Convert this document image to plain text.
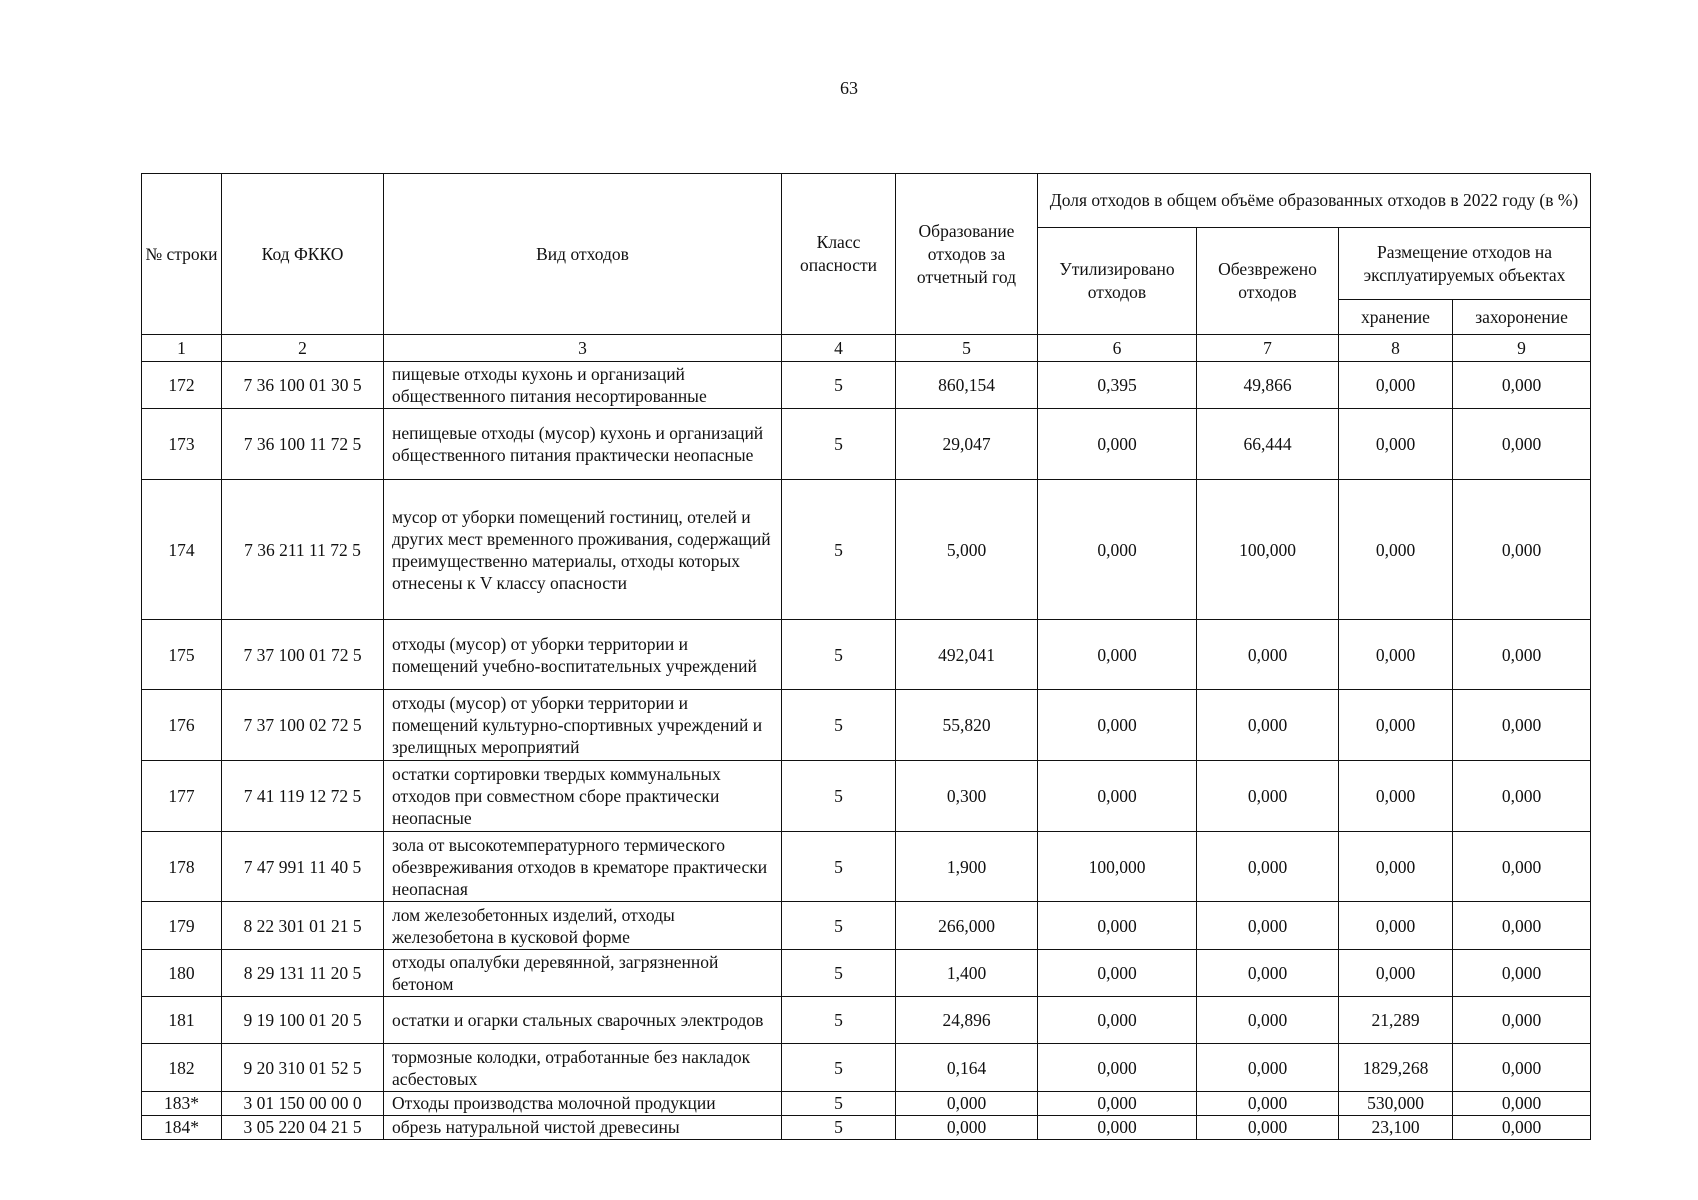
63
№ строки	Код ФККО	Вид отходов	Класс опасности	Образование отходов за отчетный год	Доля отходов в общем объёме образованных отходов в 2022 году (в %)			
					Утилизировано отходов	Обезврежено отходов	Размещение отходов на эксплуатируемых объектах	
							хранение	захоронение
1	2	3	4	5	6	7	8	9
172	7 36 100 01 30 5	пищевые отходы кухонь и организаций общественного питания несортированные	5	860,154	0,395	49,866	0,000	0,000
173	7 36 100 11 72 5	непищевые отходы (мусор) кухонь и организаций общественного питания практически неопасные	5	29,047	0,000	66,444	0,000	0,000
174	7 36 211 11 72 5	мусор от уборки помещений гостиниц, отелей и других мест временного проживания, содержащий преимущественно материалы, отходы которых отнесены к V классу опасности	5	5,000	0,000	100,000	0,000	0,000
175	7 37 100 01 72 5	отходы (мусор) от уборки территории и помещений учебно-воспитательных учреждений	5	492,041	0,000	0,000	0,000	0,000
176	7 37 100 02 72 5	отходы (мусор) от уборки территории и помещений культурно-спортивных учреждений и зрелищных мероприятий	5	55,820	0,000	0,000	0,000	0,000
177	7 41 119 12 72 5	остатки сортировки твердых коммунальных отходов при совместном сборе практически неопасные	5	0,300	0,000	0,000	0,000	0,000
178	7 47 991 11 40 5	зола от высокотемпературного термического обезвреживания отходов в крематоре практически неопасная	5	1,900	100,000	0,000	0,000	0,000
179	8 22 301 01 21 5	лом железобетонных изделий, отходы железобетона в кусковой форме	5	266,000	0,000	0,000	0,000	0,000
180	8 29 131 11 20 5	отходы опалубки деревянной, загрязненной бетоном	5	1,400	0,000	0,000	0,000	0,000
181	9 19 100 01 20 5	остатки и огарки стальных сварочных электродов	5	24,896	0,000	0,000	21,289	0,000
182	9 20 310 01 52 5	тормозные колодки, отработанные без накладок асбестовых	5	0,164	0,000	0,000	1829,268	0,000
183*	3 01 150 00 00 0	Отходы производства молочной продукции	5	0,000	0,000	0,000	530,000	0,000
184*	3 05 220 04 21 5	обрезь натуральной чистой древесины	5	0,000	0,000	0,000	23,100	0,000
